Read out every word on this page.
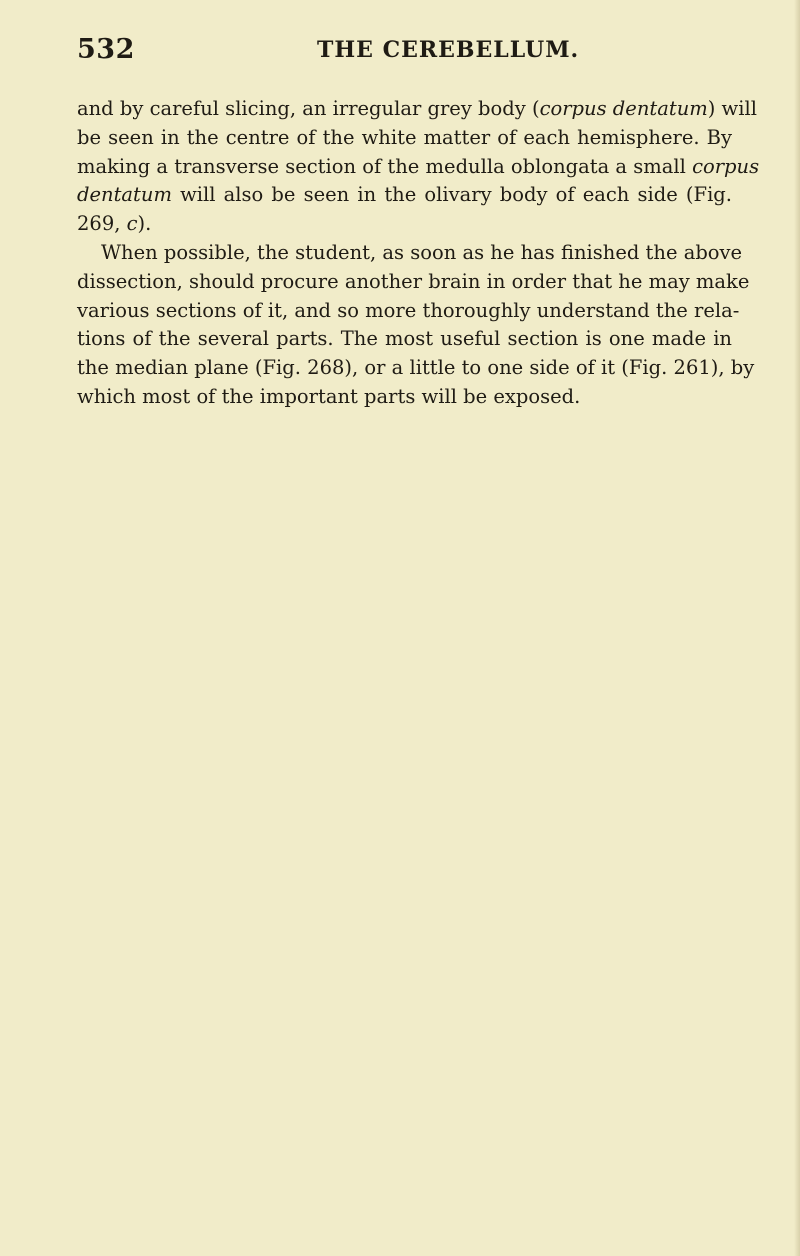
532	THE CEREBELLUM.
and by careful slicing, an irregular grey body (corpus dentatum) will
be seen in the centre of the white matter of each hemisphere. By
making a transverse section of the medulla oblongata a small corpus
dentatum will also be seen in the olivary body of each side (Fig.
269, c).
When possible, the student, as soon as he has finished the above
dissection, should procure another brain in order that he may make
various sections of it, and so more thoroughly understand the rela-
tions of the several parts. The most useful section is one made in
the median plane (Fig. 268), or a little to one side of it (Fig. 261), by
which most of the important parts will be exposed.
